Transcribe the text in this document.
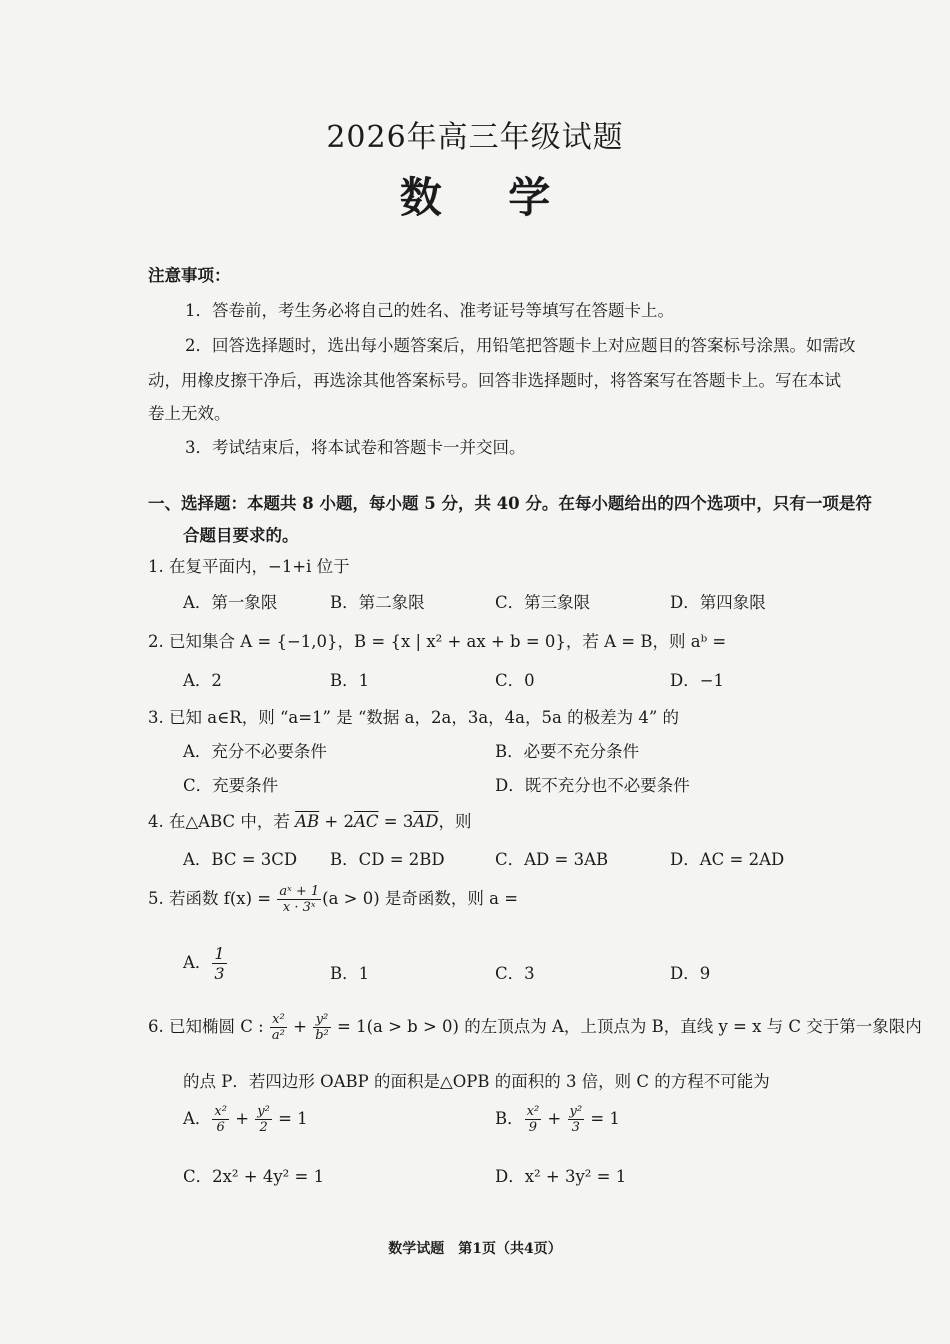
2026年高三年级试题
数 学
注意事项：
1．答卷前，考生务必将自己的姓名、准考证号等填写在答题卡上。
2．回答选择题时，选出每小题答案后，用铅笔把答题卡上对应题目的答案标号涂黑。如需改
动，用橡皮擦干净后，再选涂其他答案标号。回答非选择题时，将答案写在答题卡上。写在本试
卷上无效。
3．考试结束后，将本试卷和答题卡一并交回。
一、选择题：本题共 8 小题，每小题 5 分，共 40 分。在每小题给出的四个选项中，只有一项是符
合题目要求的。
1. 在复平面内，−1+i 位于
A．第一象限	B．第二象限	C．第三象限	D．第四象限
2. 已知集合 A = {−1,0}，B = {x | x² + ax + b = 0}，若 A = B，则 aᵇ =
A．2	B．1	C．0	D．−1
3. 已知 a∈R，则 “a=1” 是 “数据 a，2a，3a，4a，5a 的极差为 4” 的
A．充分不必要条件	B．必要不充分条件
C．充要条件	D．既不充分也不必要条件
4. 在△ABC 中，若 $\overline{AB} + 2\overline{AC} = 3\overline{AD}$，则
A．BC = 3CD B．CD = 2BD	C．AD = 3AB	D．AC = 2AD
5. 若函数 $f(x) = \frac{\text{aˣ + 1}}{\text{x · 3ˣ}} (a > 0)$ 是奇函数，则 a =
A． $\frac{1}{3}$	B．1	C．3	D．9
6. 已知椭圆 C : $\frac{\text{x²}}{\text{a²}} + \frac{\text{y²}}{\text{b²}} = 1(a > b > 0)$ 的左顶点为 A，上顶点为 B，直线 y = x 与 C 交于第一象限内
的点 P．若四边形 OABP 的面积是△OPB 的面积的 3 倍，则 C 的方程不可能为
A． $\frac{\text{x²}}{6} + \frac{\text{y²}}{2} = 1$	B． $\frac{\text{x²}}{9} + \frac{\text{y²}}{3} = 1$
C．2x² + 4y² = 1	D．x² + 3y² = 1
数学试题　第1页（共4页）
